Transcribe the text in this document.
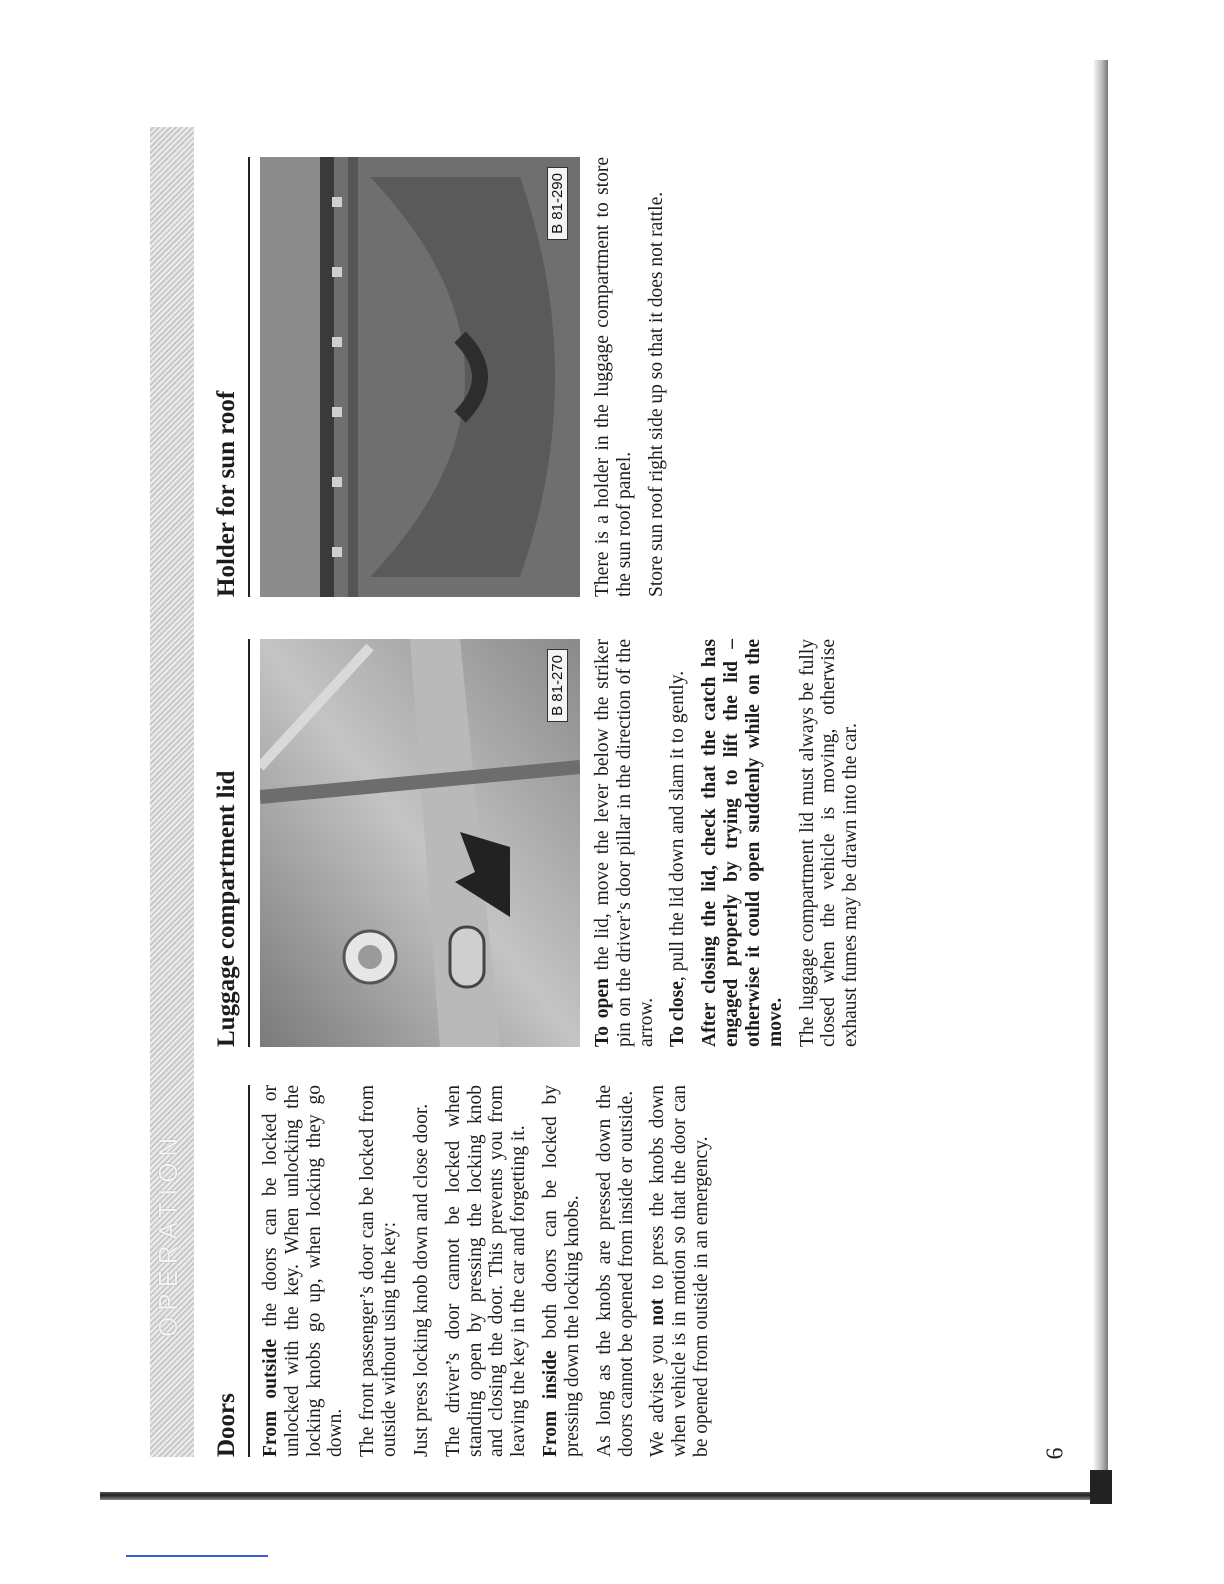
OPERATION
Doors	From outside the doors can be locked or unlocked with the key. When unlocking the locking knobs go up, when locking they go down. The front passenger’s door can be locked from outside without using the key: Just press locking knob down and close door. The driver’s door cannot be locked when standing open by pressing the locking knob and closing the door. This prevents you from leaving the key in the car and forgetting it. From inside both doors can be locked by pressing down the locking knobs. As long as the knobs are pressed down the doors cannot be opened from inside or outside. We advise you not to press the knobs down when vehicle is in motion so that the door can be opened from outside in an emergency.

Luggage compartment lid
B 81-270

To open the lid, move the lever below the striker pin on the driver’s door pillar in the direction of the arrow. To close, pull the lid down and slam it to gently. After closing the lid, check that the catch has engaged properly by trying to lift the lid – otherwise it could open suddenly while on the move. The luggage compartment lid must always be fully closed when the vehicle is moving, otherwise exhaust fumes may be drawn into the car.

Holder for sun roof
B 81-290 There is a holder in the luggage compartment to store the sun roof panel. Store sun roof right side up so that it does not rattle.

6
